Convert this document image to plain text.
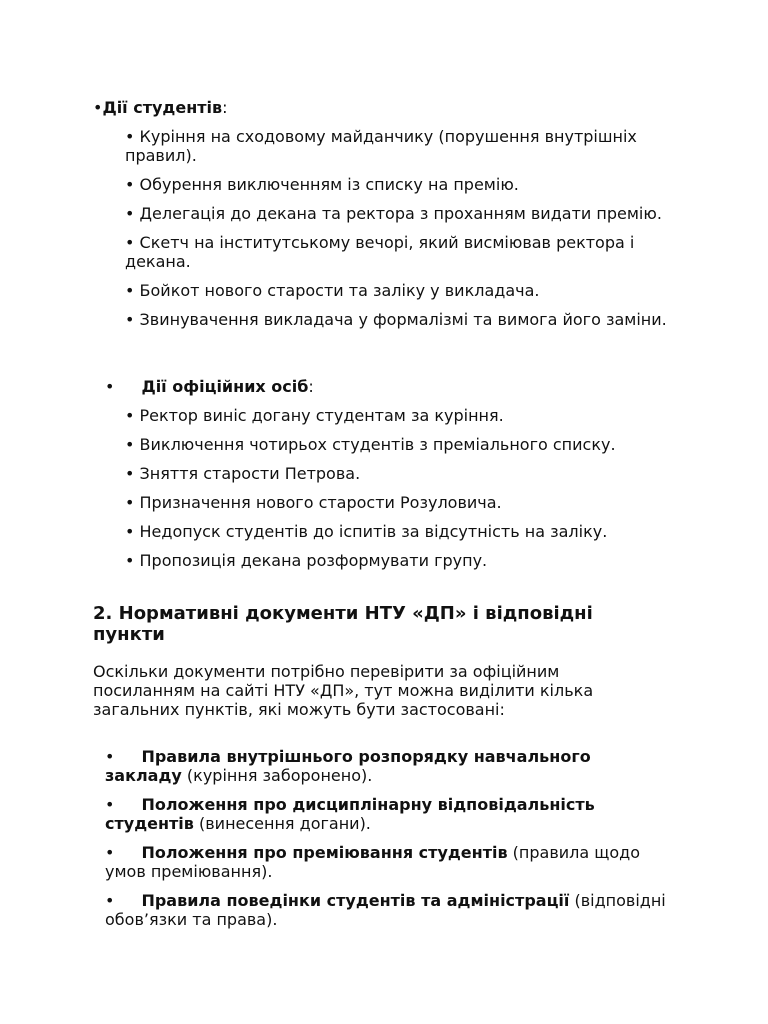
•Дії студентів:
• Куріння на сходовому майданчику (порушення внутрішніх правил).
• Обурення виключенням із списку на премію.
• Делегація до декана та ректора з проханням видати премію.
• Скетч на інститутському вечорі, який висміював ректора і декана.
• Бойкот нового старости та заліку у викладача.
• Звинувачення викладача у формалізмі та вимога його заміни.
• Дії офіційних осіб:
• Ректор виніс догану студентам за куріння.
• Виключення чотирьох студентів з преміального списку.
• Зняття старости Петрова.
• Призначення нового старости Розуловича.
• Недопуск студентів до іспитів за відсутність на заліку.
• Пропозиція декана розформувати групу.
2. Нормативні документи НТУ «ДП» і відповідні пункти

Оскільки документи потрібно перевірити за офіційним посиланням на сайті НТУ «ДП», тут можна виділити кілька загальних пунктів, які можуть бути застосовані:

• Правила внутрішнього розпорядку навчального закладу (куріння заборонено).
• Положення про дисциплінарну відповідальність студентів (винесення догани).
• Положення про преміювання студентів (правила щодо умов преміювання).
• Правила поведінки студентів та адміністрації (відповідні обов’язки та права).
